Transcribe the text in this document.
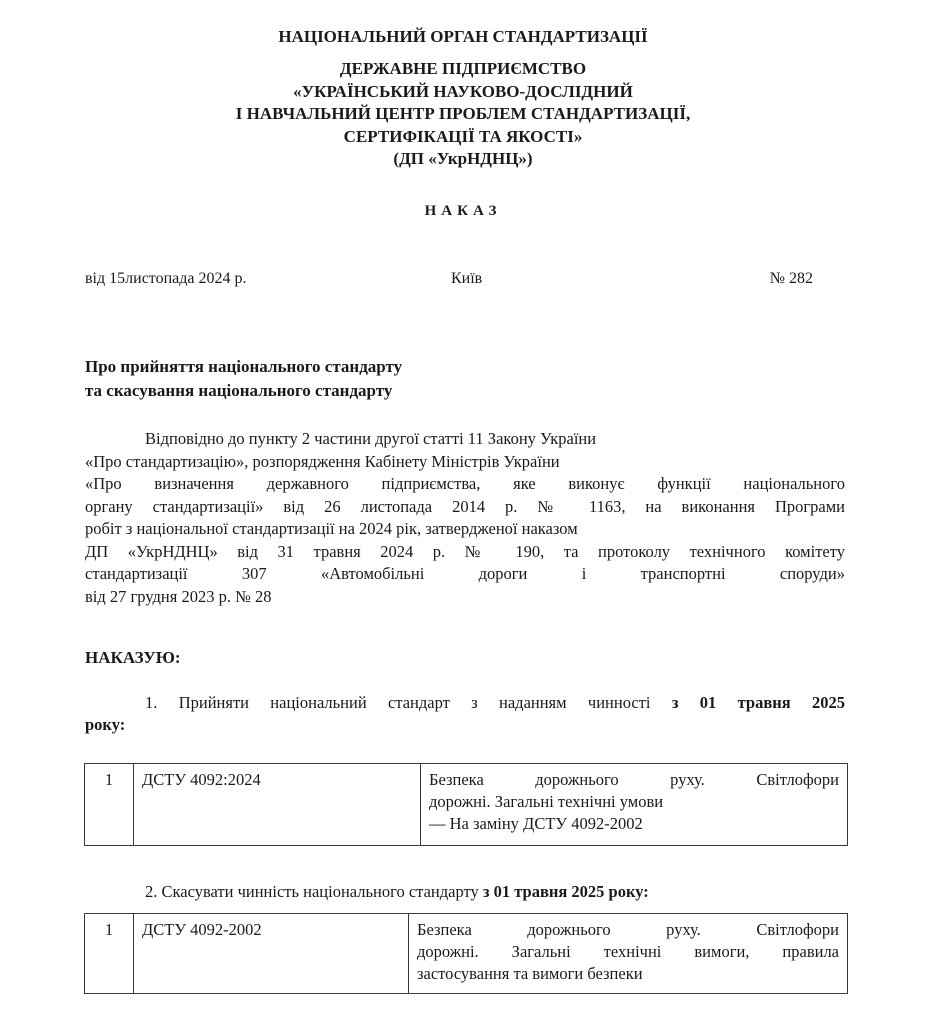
НАЦІОНАЛЬНИЙ ОРГАН СТАНДАРТИЗАЦІЇ
ДЕРЖАВНЕ ПІДПРИЄМСТВО
«УКРАЇНСЬКИЙ НАУКОВО-ДОСЛІДНИЙ
І НАВЧАЛЬНИЙ ЦЕНТР ПРОБЛЕМ СТАНДАРТИЗАЦІЇ,
СЕРТИФІКАЦІЇ ТА ЯКОСТІ»
(ДП «УкрНДНЦ»)
НАКАЗ
від 15листопада 2024 р.	Київ	№ 282
Про прийняття національного стандарту
та скасування національного стандарту
Відповідно до пункту 2 частини другої статті 11 Закону України
«Про стандартизацію», розпорядження Кабінету Міністрів України
«Про визначення державного підприємства, яке виконує функції національного
органу стандартизації» від 26 листопада 2014 р. № 1163, на виконання Програми
робіт з національної стандартизації на 2024 рік, затвердженої наказом
ДП «УкрНДНЦ» від 31 травня 2024 р. № 190, та протоколу технічного комітету
стандартизації 307 «Автомобільні дороги і транспортні споруди»
від 27 грудня 2023 р. № 28
НАКАЗУЮ:
1. Прийняти національний стандарт з наданням чинності з 01 травня 2025
року:
1	ДСТУ 4092:2024	Безпека дорожнього руху. Світлофори
дорожні. Загальні технічні умови
— На заміну ДСТУ 4092-2002
2. Скасувати чинність національного стандарту з 01 травня 2025 року:
1	ДСТУ 4092-2002	Безпека дорожнього руху. Світлофори
дорожні. Загальні технічні вимоги, правила
застосування та вимоги безпеки
